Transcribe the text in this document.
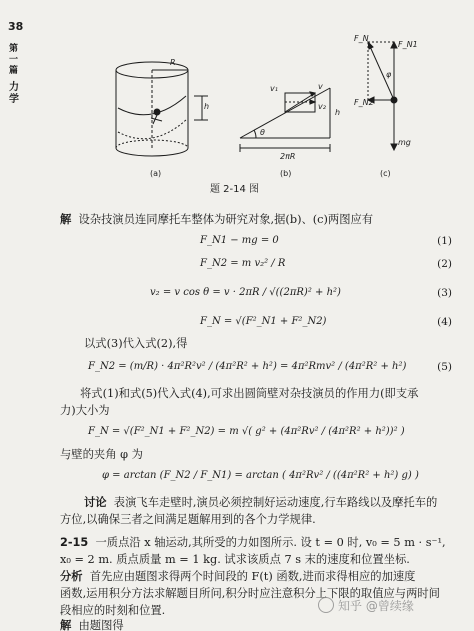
38
第一篇
力学
(a)	(b)	(c)
R
h
v₁	v
v₂
θ
2πR
h
F_N
F_N1
F_N2
φ
mg
题 2-14 图
解 设杂技演员连同摩托车整体为研究对象,据(b)、(c)两图应有
F_N1 − mg = 0	(1)
F_N2 = m v₂² / R	(2)
v₂ = v cos θ = v · 2πR / √((2πR)² + h²)	(3)
F_N = √(F²_N1 + F²_N2)	(4)
以式(3)代入式(2),得
F_N2 = (m/R) · 4π²R²v² / (4π²R² + h²) = 4π²Rmv² / (4π²R² + h²)	(5)
将式(1)和式(5)代入式(4),可求出圆筒壁对杂技演员的作用力(即支承
力)大小为
F_N = √(F²_N1 + F²_N2) = m √( g² + (4π²Rv² / (4π²R² + h²))² )
与壁的夹角 φ 为
φ = arctan (F_N2 / F_N1) = arctan ( 4π²Rv² / ((4π²R² + h²) g) )
讨论 表演飞车走壁时,演员必须控制好运动速度,行车路线以及摩托车的
方位,以确保三者之间满足题解用到的各个力学规律.
2-15 一质点沿 x 轴运动,其所受的力如图所示. 设 t = 0 时, v₀ = 5 m · s⁻¹,
x₀ = 2 m. 质点质量 m = 1 kg. 试求该质点 7 s 末的速度和位置坐标.
分析 首先应由题图求得两个时间段的 F(t) 函数,进而求得相应的加速度
函数,运用积分方法求解题目所问,积分时应注意积分上下限的取值应与两时间
段相应的时刻和位置.
解 由题图得
知乎 @曾续缘
